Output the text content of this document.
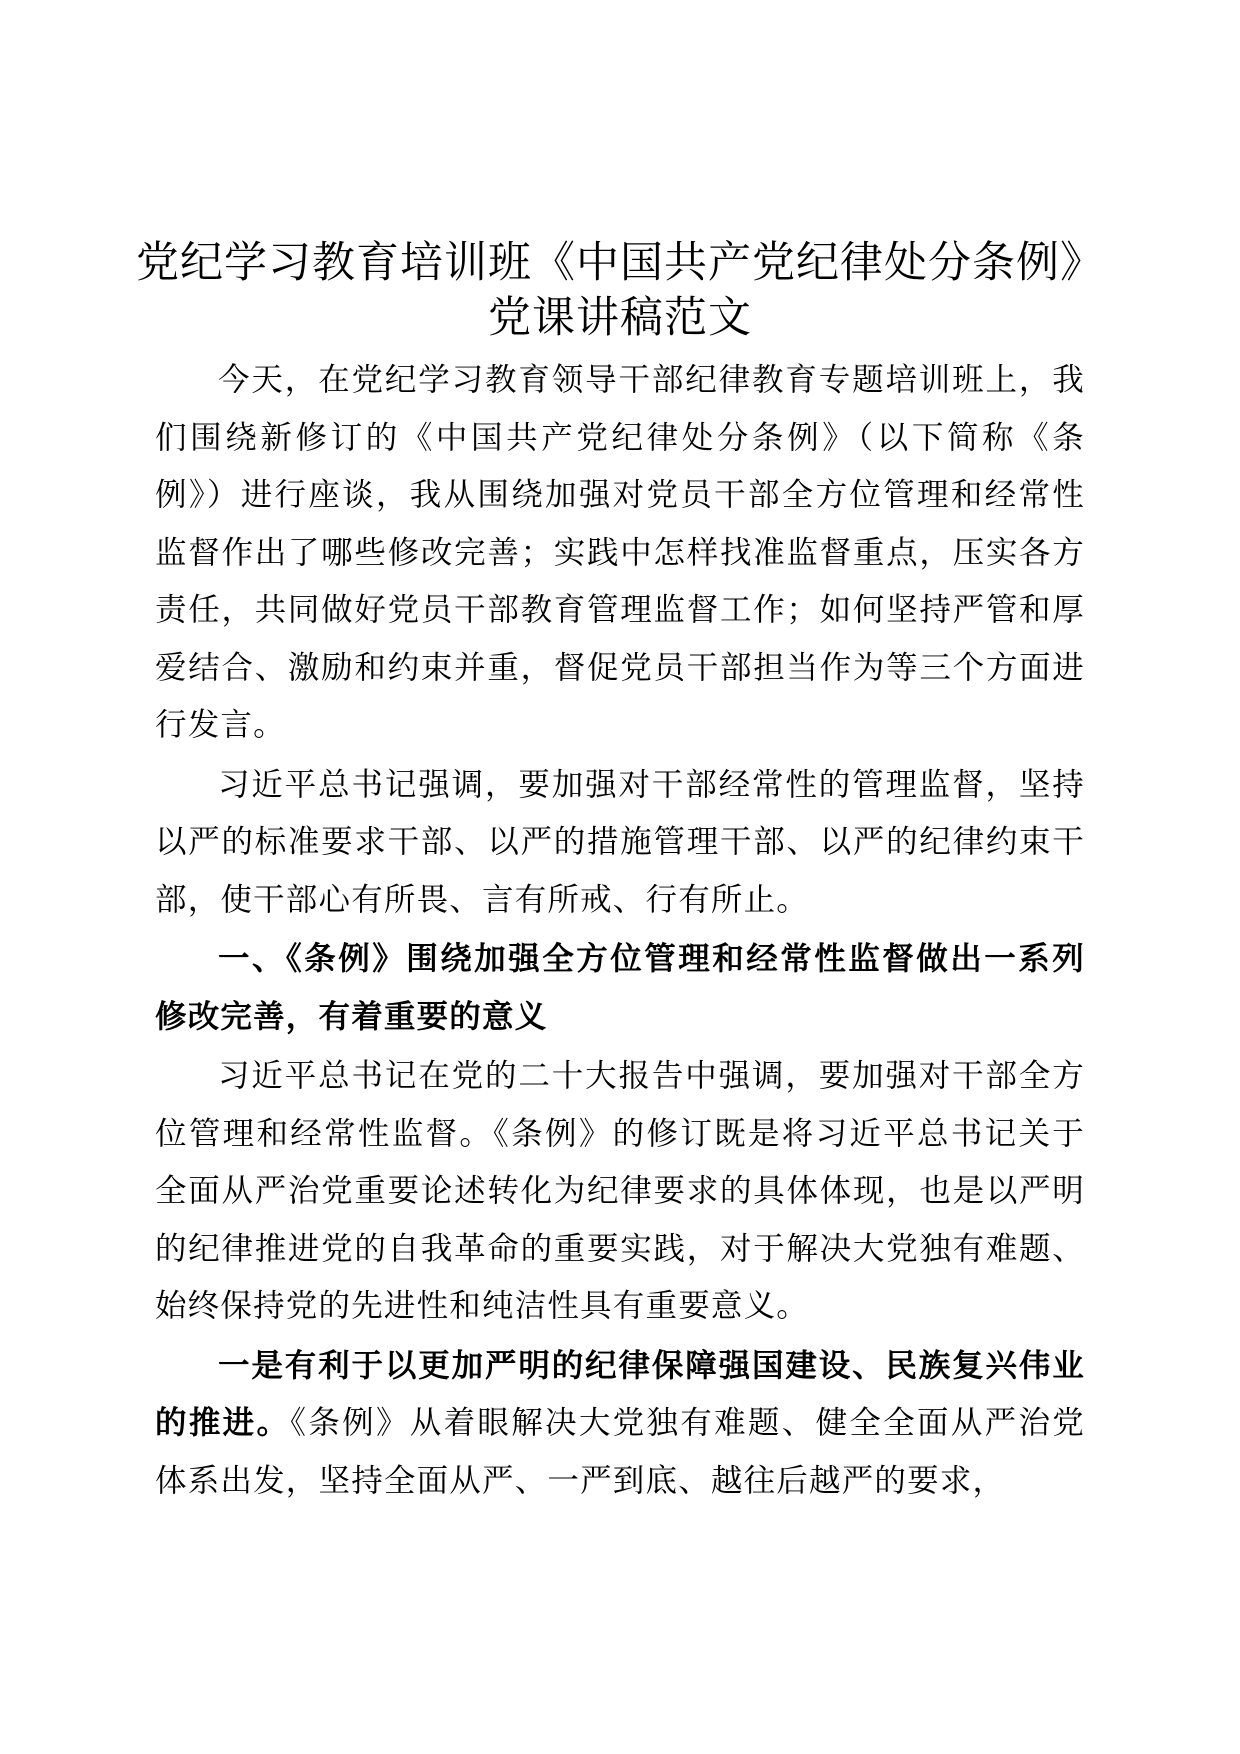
党纪学习教育培训班《中国共产党纪律处分条例》党课讲稿范文

今天，在党纪学习教育领导干部纪律教育专题培训班上，我们围绕新修订的《中国共产党纪律处分条例》（以下简称《条例》）进行座谈，我从围绕加强对党员干部全方位管理和经常性监督作出了哪些修改完善；实践中怎样找准监督重点，压实各方责任，共同做好党员干部教育管理监督工作；如何坚持严管和厚爱结合、激励和约束并重，督促党员干部担当作为等三个方面进行发言。

习近平总书记强调，要加强对干部经常性的管理监督，坚持以严的标准要求干部、以严的措施管理干部、以严的纪律约束干部，使干部心有所畏、言有所戒、行有所止。

一、《条例》围绕加强全方位管理和经常性监督做出一系列修改完善，有着重要的意义

习近平总书记在党的二十大报告中强调，要加强对干部全方位管理和经常性监督。《条例》的修订既是将习近平总书记关于全面从严治党重要论述转化为纪律要求的具体体现，也是以严明的纪律推进党的自我革命的重要实践，对于解决大党独有难题、始终保持党的先进性和纯洁性具有重要意义。

一是有利于以更加严明的纪律保障强国建设、民族复兴伟业的推进。《条例》从着眼解决大党独有难题、健全全面从严治党体系出发，坚持全面从严、一严到底、越往后越严的要求，
